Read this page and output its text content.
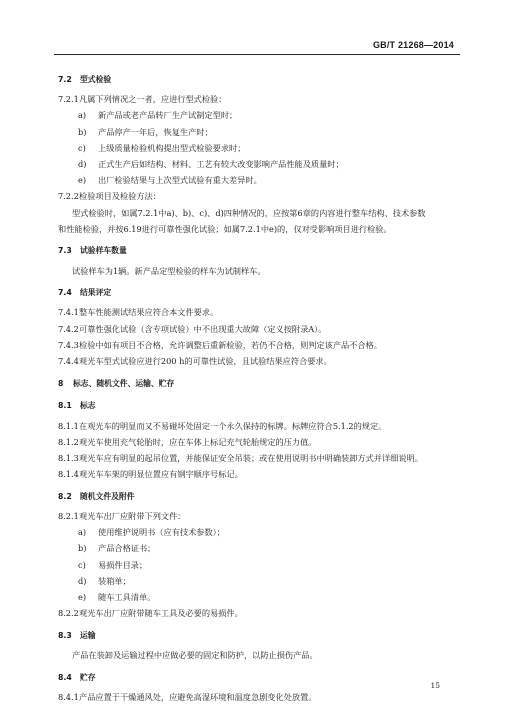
GB/T 21268—2014
7.2 型式检验
7.2.1凡属下列情况之一者，应进行型式检验：
a) 新产品或老产品转厂生产试制定型时；
b) 产品停产一年后，恢复生产时；
c) 上级质量检验机构提出型式检验要求时；
d) 正式生产后如结构、材料、工艺有较大改变影响产品性能及质量时；
e) 出厂检验结果与上次型式试验有重大差异时。
7.2.2检验项目及检验方法：
型式检验时，如属7.2.1中a)、b)、c)、d)四种情况的，应按第6章的内容进行整车结构、技术参数
和性能检验，并按6.19进行可靠性强化试验；如属7.2.1中e)的，仅对受影响项目进行检验。
7.3 试验样车数量
试验样车为1辆。新产品定型检验的样车为试制样车。
7.4 结果评定
7.4.1整车性能测试结果应符合本文件要求。
7.4.2可靠性强化试验（含专项试验）中不出现重大故障（定义按附录A）。
7.4.3检验中如有项目不合格，允许调整后重新检验，若仍不合格，则判定该产品不合格。
7.4.4观光车型式试验应进行200 h的可靠性试验，且试验结果应符合要求。
8 标志、随机文件、运输、贮存
8.1 标志
8.1.1在观光车的明显而又不易碰坏处固定一个永久保持的标牌。标牌应符合5.1.2的规定。
8.1.2观光车使用充气轮胎时，应在车体上标记充气轮胎规定的压力值。
8.1.3观光车应有明显的起吊位置，并能保证安全吊装；或在使用说明书中明确装卸方式并详细说明。
8.1.4观光车车架的明显位置应有钢字顺序号标记。
8.2 随机文件及附件
8.2.1观光车出厂应附带下列文件：
a) 使用维护说明书（应有技术参数）；
b) 产品合格证书；
c) 易损件目录；
d) 装箱单；
e) 随车工具清单。
8.2.2观光车出厂应附带随车工具及必要的易损件。
8.3 运输
产品在装卸及运输过程中应做必要的固定和防护，以防止损伤产品。
8.4 贮存
8.4.1产品应置于干燥通风处，应避免高湿环境和温度急剧变化处放置。
15
